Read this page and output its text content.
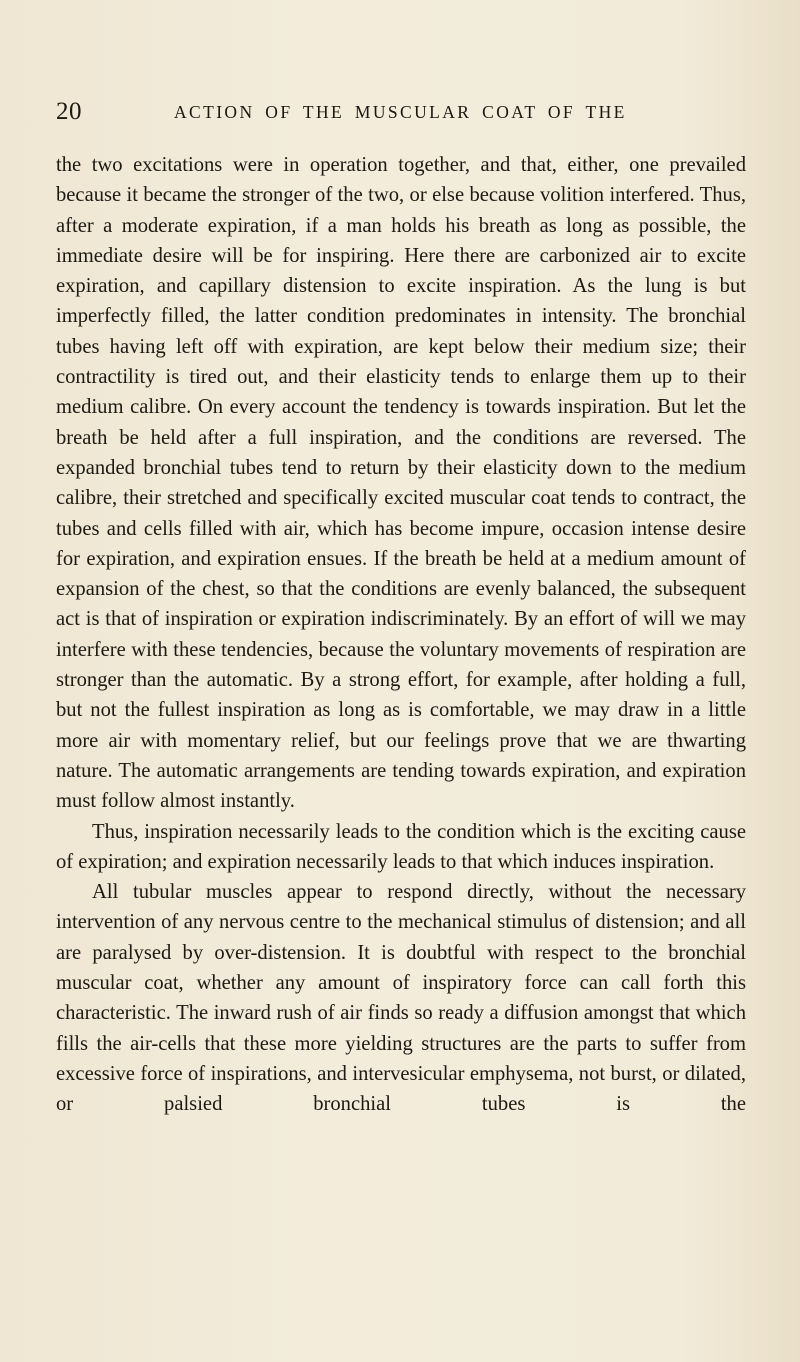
20	ACTION OF THE MUSCULAR COAT OF THE

the two excitations were in operation together, and that, either, one prevailed because it became the stronger of the two, or else because volition interfered. Thus, after a moderate expiration, if a man holds his breath as long as possible, the immediate desire will be for inspiring. Here there are carbonized air to excite expiration, and capillary distension to excite inspiration. As the lung is but imperfectly filled, the latter condition predominates in intensity. The bronchial tubes having left off with expiration, are kept below their medium size; their contractility is tired out, and their elasticity tends to enlarge them up to their medium calibre. On every account the tendency is towards inspiration. But let the breath be held after a full inspiration, and the conditions are reversed. The expanded bronchial tubes tend to return by their elasticity down to the medium calibre, their stretched and specifically excited muscular coat tends to contract, the tubes and cells filled with air, which has become impure, occasion intense desire for expiration, and expiration ensues. If the breath be held at a medium amount of expansion of the chest, so that the conditions are evenly balanced, the subsequent act is that of inspiration or expiration indiscriminately. By an effort of will we may interfere with these tendencies, because the voluntary movements of respiration are stronger than the automatic. By a strong effort, for example, after holding a full, but not the fullest inspiration as long as is comfortable, we may draw in a little more air with momentary relief, but our feelings prove that we are thwarting nature. The automatic arrangements are tending towards expiration, and expiration must follow almost instantly.

Thus, inspiration necessarily leads to the condition which is the exciting cause of expiration; and expiration necessarily leads to that which induces inspiration.

All tubular muscles appear to respond directly, without the necessary intervention of any nervous centre to the mechanical stimulus of distension; and all are paralysed by over-distension. It is doubtful with respect to the bronchial muscular coat, whether any amount of inspiratory force can call forth this characteristic. The inward rush of air finds so ready a diffusion amongst that which fills the air-cells that these more yielding structures are the parts to suffer from excessive force of inspirations, and intervesicular emphysema, not burst, or dilated, or palsied bronchial tubes is the
